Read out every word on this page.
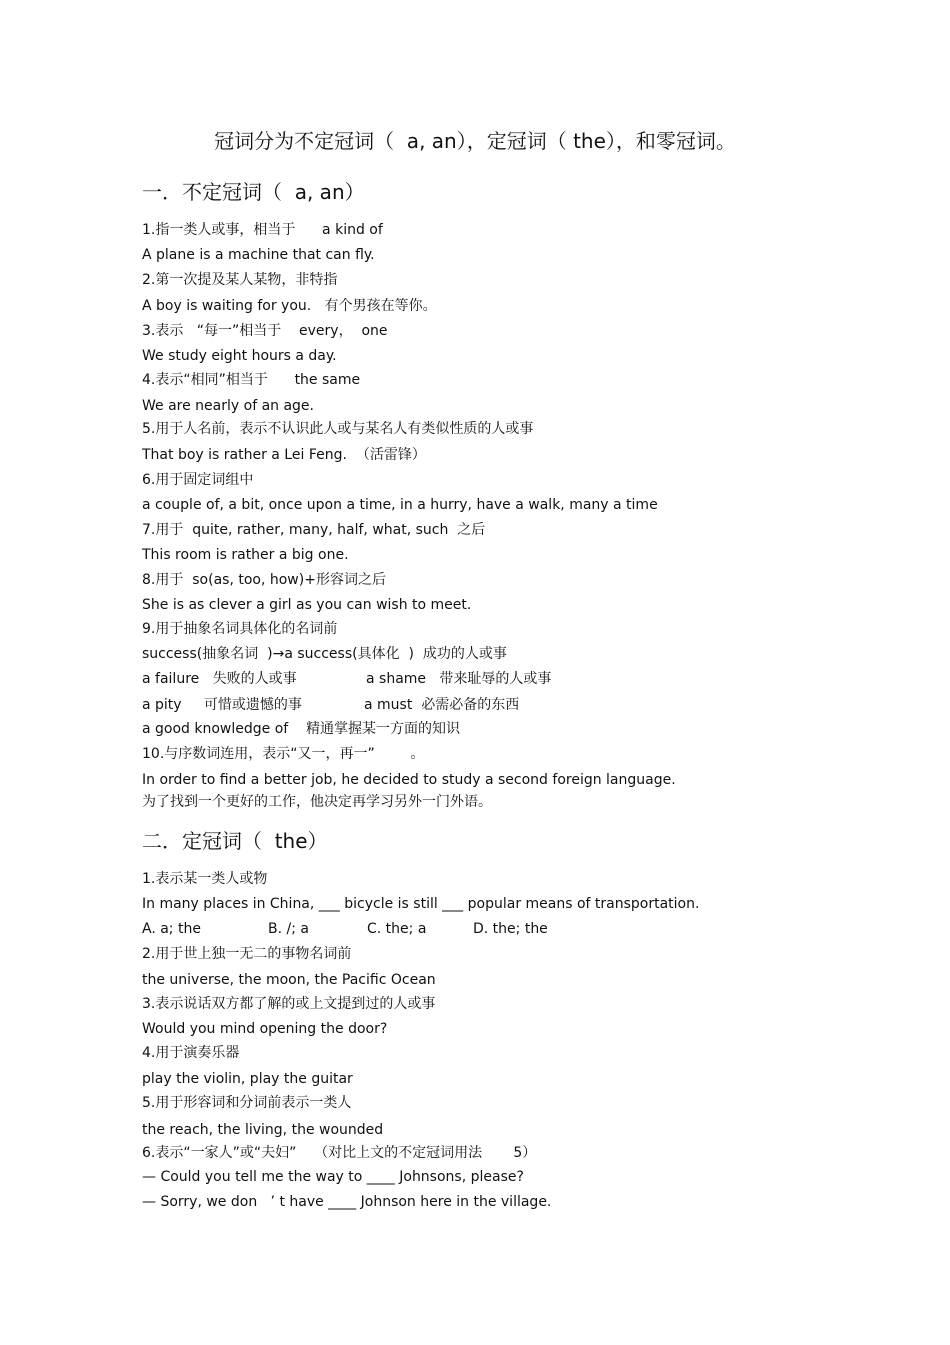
冠词分为不定冠词（  a, an），定冠词（ the），和零冠词。
一．不定冠词（  a, an）
1.指一类人或事，相当于      a kind of
A plane is a machine that can fly.
2.第一次提及某人某物，非特指
A boy is waiting for you.   有个男孩在等你。
3.表示   “每一”相当于    every，  one
We study eight hours a day.
4.表示“相同”相当于      the same
We are nearly of an age.
5.用于人名前，表示不认识此人或与某名人有类似性质的人或事
That boy is rather a Lei Feng.  （活雷锋）
6.用于固定词组中
a couple of, a bit, once upon a time, in a hurry, have a walk, many a time
7.用于  quite, rather, many, half, what, such  之后
This room is rather a big one.
8.用于  so(as, too, how)+形容词之后
She is as clever a girl as you can wish to meet.
9.用于抽象名词具体化的名词前
success(抽象名词  )→a success(具体化  )  成功的人或事
a failure   失败的人或事	a shame   带来耻辱的人或事
a pity     可惜或遗憾的事	a must  必需必备的东西
a good knowledge of    精通掌握某一方面的知识
10.与序数词连用，表示“又一，再一”        。
In order to find a better job, he decided to study a second foreign language.
为了找到一个更好的工作，他决定再学习另外一门外语。
二．定冠词（  the）
1.表示某一类人或物
In many places in China, ___ bicycle is still ___ popular means of transportation.
A. a; the	B. /; a	C. the; a	D. the; the
2.用于世上独一无二的事物名词前
the universe, the moon, the Pacific Ocean
3.表示说话双方都了解的或上文提到过的人或事
Would you mind opening the door?
4.用于演奏乐器
play the violin, play the guitar
5.用于形容词和分词前表示一类人
the reach, the living, the wounded
6.表示“一家人”或“夫妇”    （对比上文的不定冠词用法       5）
— Could you tell me the way to ____ Johnsons, please?
— Sorry, we don   ’ t have ____ Johnson here in the village.
